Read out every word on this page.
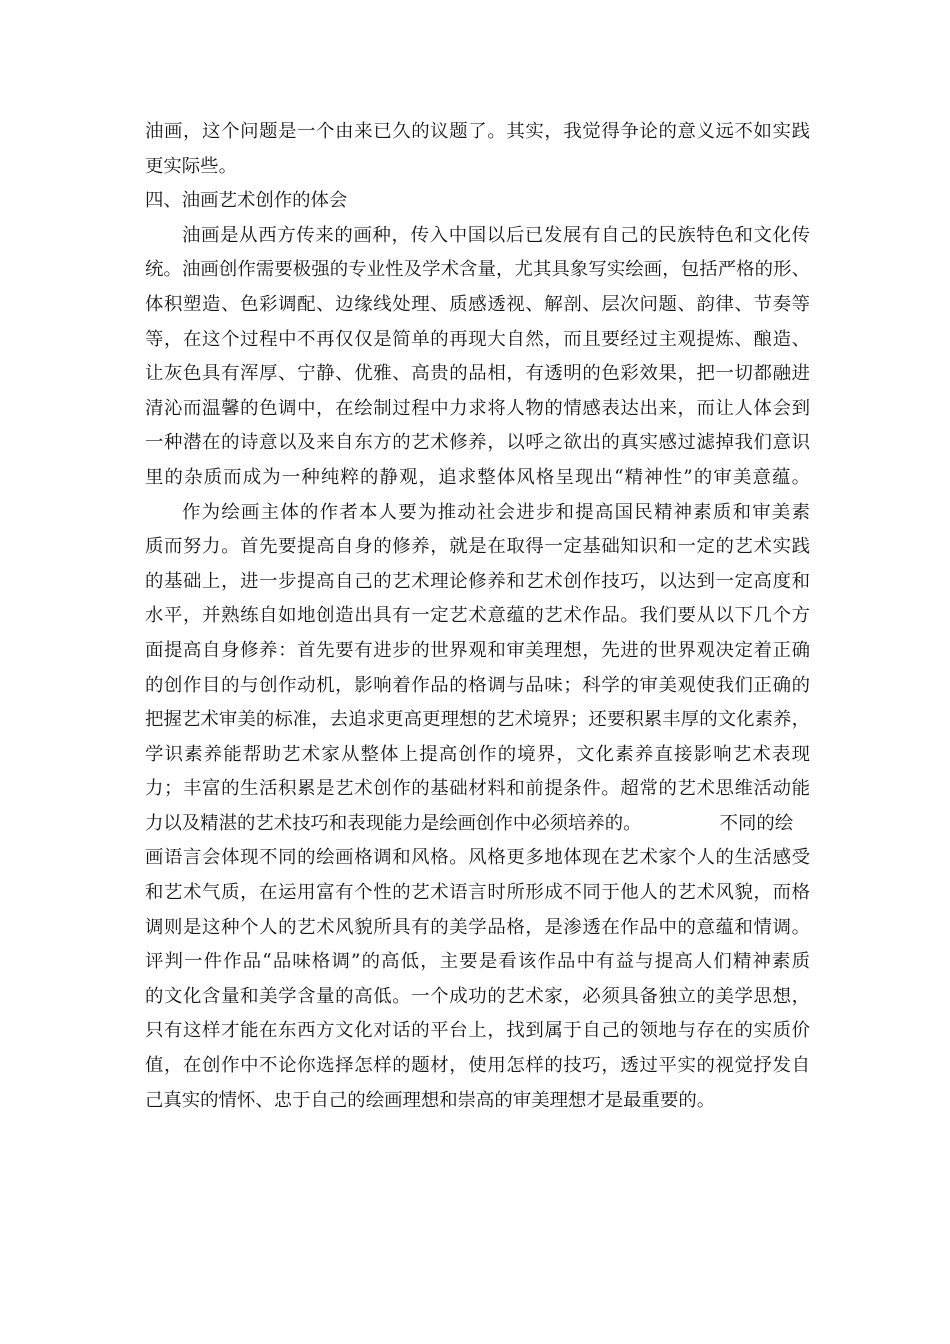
油画，这个问题是一个由来已久的议题了。其实，我觉得争论的意义远不如实践
更实际些。
四、油画艺术创作的体会
油画是从西方传来的画种，传入中国以后已发展有自己的民族特色和文化传
统。油画创作需要极强的专业性及学术含量，尤其具象写实绘画，包括严格的形、
体积塑造、色彩调配、边缘线处理、质感透视、解剖、层次问题、韵律、节奏等
等，在这个过程中不再仅仅是简单的再现大自然，而且要经过主观提炼、酿造、
让灰色具有浑厚、宁静、优雅、高贵的品相，有透明的色彩效果，把一切都融进
清沁而温馨的色调中，在绘制过程中力求将人物的情感表达出来，而让人体会到
一种潜在的诗意以及来自东方的艺术修养，以呼之欲出的真实感过滤掉我们意识
里的杂质而成为一种纯粹的静观，追求整体风格呈现出“精神性”的审美意蕴。
作为绘画主体的作者本人要为推动社会进步和提高国民精神素质和审美素
质而努力。首先要提高自身的修养，就是在取得一定基础知识和一定的艺术实践
的基础上，进一步提高自己的艺术理论修养和艺术创作技巧，以达到一定高度和
水平，并熟练自如地创造出具有一定艺术意蕴的艺术作品。我们要从以下几个方
面提高自身修养：首先要有进步的世界观和审美理想，先进的世界观决定着正确
的创作目的与创作动机，影响着作品的格调与品味；科学的审美观使我们正确的
把握艺术审美的标准，去追求更高更理想的艺术境界；还要积累丰厚的文化素养，
学识素养能帮助艺术家从整体上提高创作的境界，文化素养直接影响艺术表现
力；丰富的生活积累是艺术创作的基础材料和前提条件。超常的艺术思维活动能
力以及精湛的艺术技巧和表现能力是绘画创作中必须培养的。	不同的绘
画语言会体现不同的绘画格调和风格。风格更多地体现在艺术家个人的生活感受
和艺术气质，在运用富有个性的艺术语言时所形成不同于他人的艺术风貌，而格
调则是这种个人的艺术风貌所具有的美学品格，是渗透在作品中的意蕴和情调。
评判一件作品“品味格调”的高低，主要是看该作品中有益与提高人们精神素质
的文化含量和美学含量的高低。一个成功的艺术家，必须具备独立的美学思想，
只有这样才能在东西方文化对话的平台上，找到属于自己的领地与存在的实质价
值，在创作中不论你选择怎样的题材，使用怎样的技巧，透过平实的视觉抒发自
己真实的情怀、忠于自己的绘画理想和崇高的审美理想才是最重要的。
